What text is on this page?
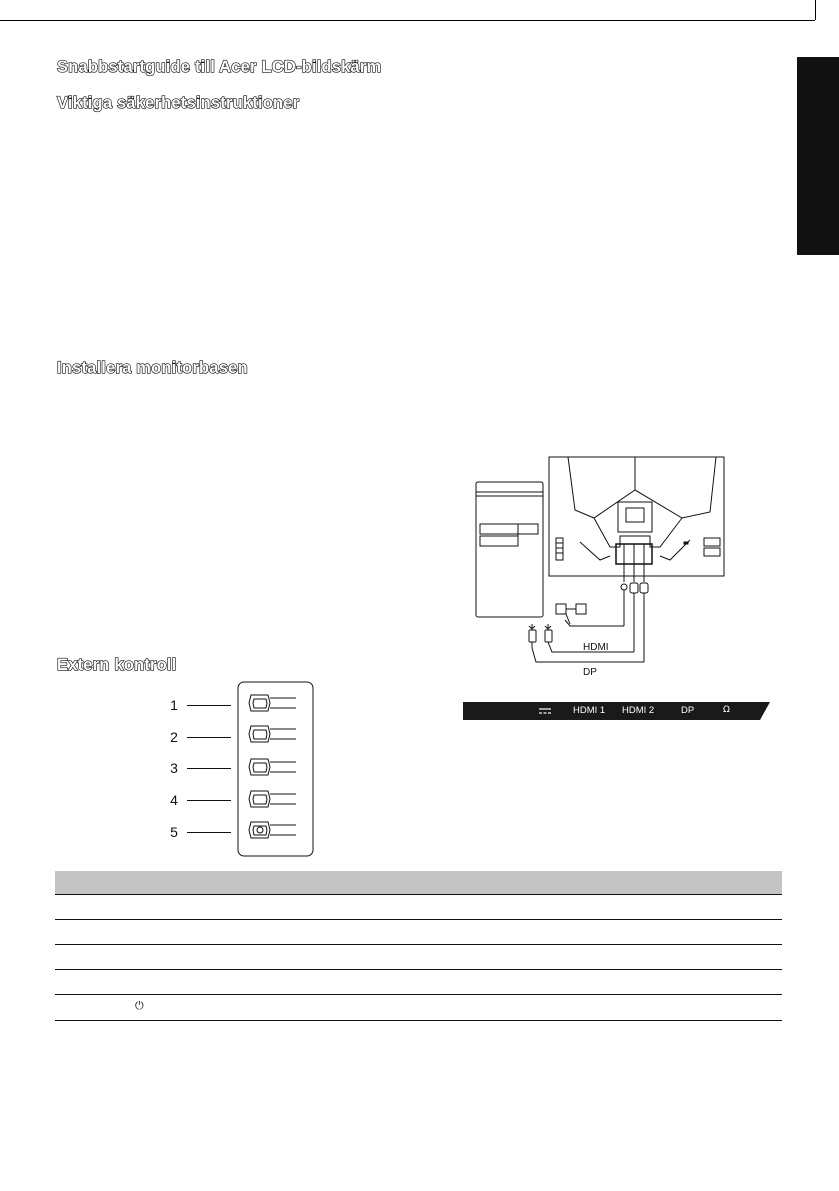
Snabbstartguide till Acer LCD-bildskärm
Viktiga säkerhetsinstruktioner
Installera monitorbasen
Extern kontroll
HDMI
DP
HDMI 1 HDMI 2	DP	Ω
1
2
3
4
5
⏻
